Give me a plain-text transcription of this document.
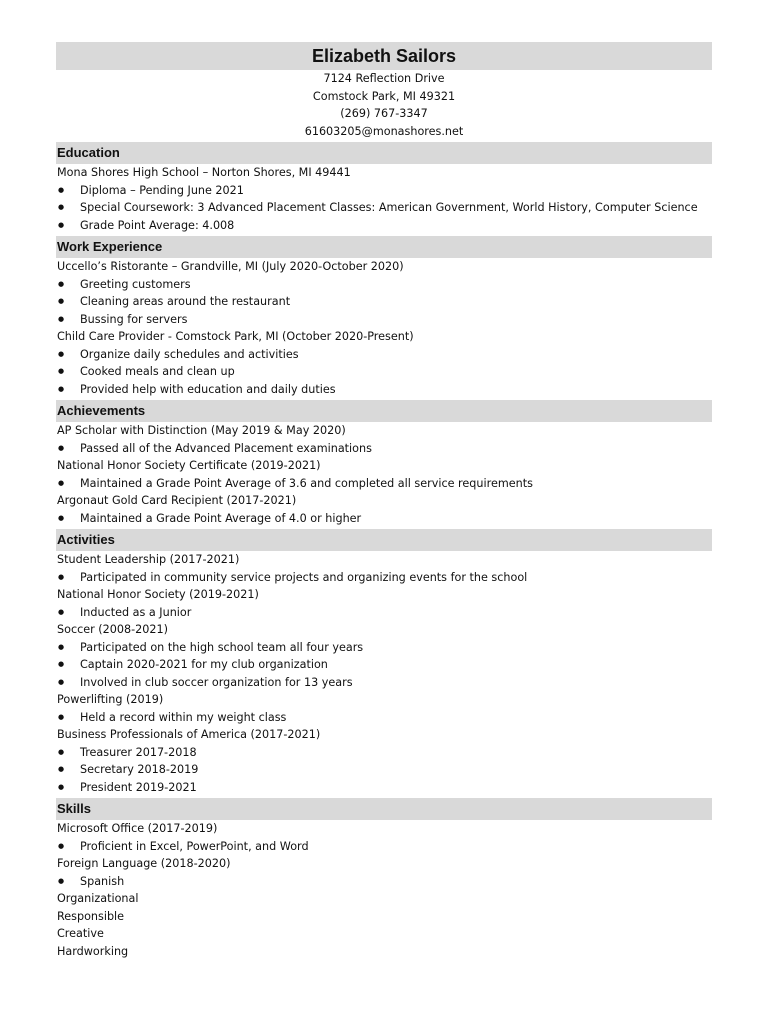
Elizabeth Sailors
7124 Reflection Drive
Comstock Park, MI 49321
(269) 767-3347
61603205@monashores.net
Education
Mona Shores High School – Norton Shores, MI 49441
●	Diploma – Pending June 2021
●	Special Coursework: 3 Advanced Placement Classes: American Government, World History, Computer Science
●	Grade Point Average: 4.008
Work Experience
Uccello’s Ristorante – Grandville, MI (July 2020-October 2020)
●	Greeting customers
●	Cleaning areas around the restaurant
●	Bussing for servers
Child Care Provider - Comstock Park, MI (October 2020-Present)
●	Organize daily schedules and activities
●	Cooked meals and clean up
●	Provided help with education and daily duties
Achievements
AP Scholar with Distinction (May 2019 & May 2020)
●	Passed all of the Advanced Placement examinations
National Honor Society Certificate (2019-2021)
●	Maintained a Grade Point Average of 3.6 and completed all service requirements
Argonaut Gold Card Recipient (2017-2021)
●	Maintained a Grade Point Average of 4.0 or higher
Activities
Student Leadership (2017-2021)
●	Participated in community service projects and organizing events for the school
National Honor Society (2019-2021)
●	Inducted as a Junior
Soccer (2008-2021)
●	Participated on the high school team all four years
●	Captain 2020-2021 for my club organization
●	Involved in club soccer organization for 13 years
Powerlifting (2019)
●	Held a record within my weight class
Business Professionals of America (2017-2021)
●	Treasurer 2017-2018
●	Secretary 2018-2019
●	President 2019-2021
Skills
Microsoft Office (2017-2019)
●	Proficient in Excel, PowerPoint, and Word
Foreign Language (2018-2020)
●	Spanish
Organizational
Responsible
Creative
Hardworking
